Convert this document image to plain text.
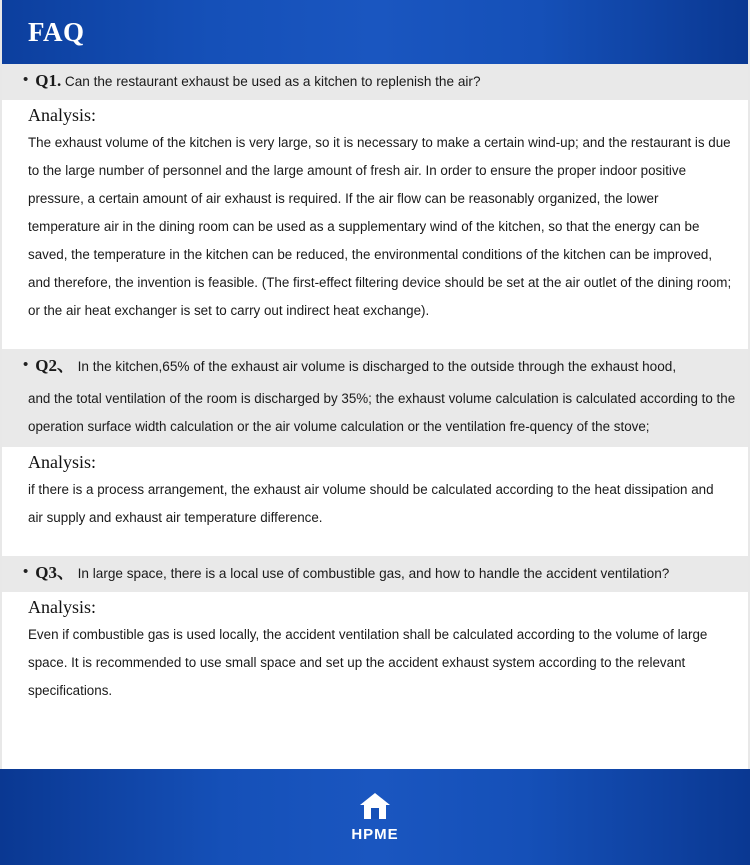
FAQ
• Q1. Can the restaurant exhaust be used as a kitchen to replenish the air?
Analysis:
The exhaust volume of the kitchen is very large, so it is necessary to make a certain wind-up; and the restaurant is due to the large number of personnel and the large amount of fresh air. In order to ensure the proper indoor positive pressure, a certain amount of air exhaust is required. If the air flow can be reasonably organized, the lower temperature air in the dining room can be used as a supplementary wind of the kitchen, so that the energy can be saved, the temperature in the kitchen can be reduced, the environmental conditions of the kitchen can be improved, and therefore, the invention is feasible. (The first-effect filtering device should be set at the air outlet of the dining room; or the air heat exchanger is set to carry out indirect heat exchange).
• Q2、 In the kitchen,65% of the exhaust air volume is discharged to the outside through the exhaust hood,
and the total ventilation of the room is discharged by 35%; the exhaust volume calculation is calculated according to the operation surface width calculation or the air volume calculation or the ventilation fre-quency of the stove;
Analysis:
if there is a process arrangement, the exhaust air volume should be calculated according to the heat dissipation and air supply and exhaust air temperature difference.
• Q3、 In large space, there is a local use of combustible gas, and how to handle the accident ventilation?
Analysis:
Even if combustible gas is used locally, the accident ventilation shall be calculated according to the volume of large space. It is recommended to use small space and set up the accident exhaust system according to the relevant specifications.
HPME
